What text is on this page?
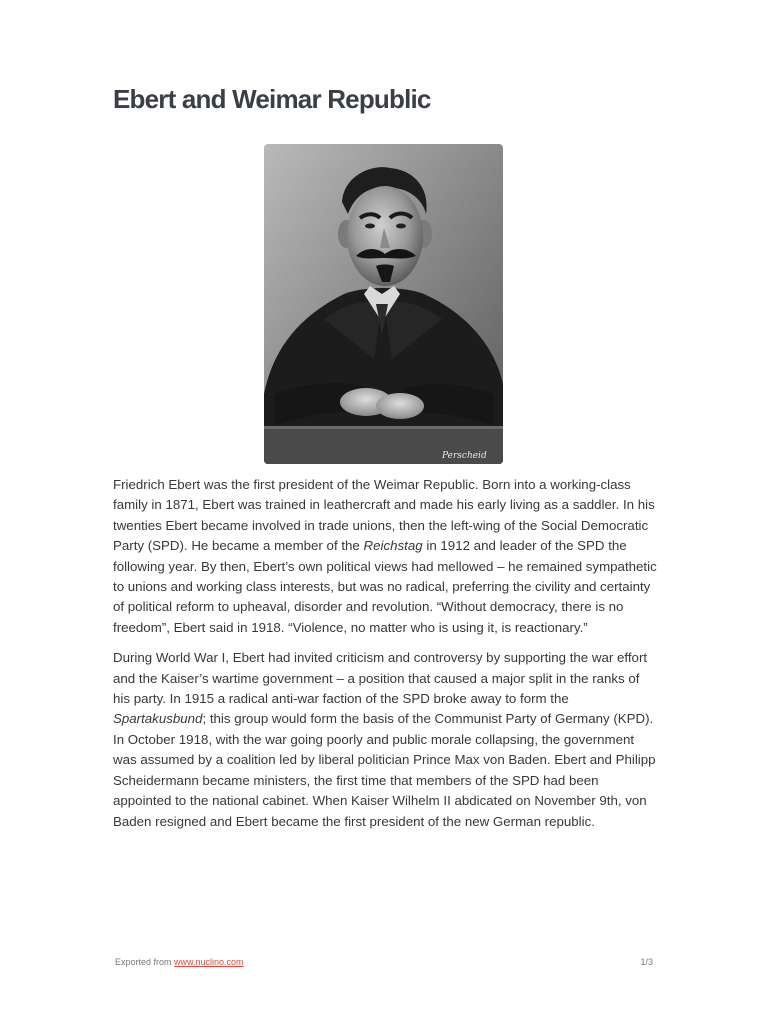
Ebert and Weimar Republic
Perscheid

Friedrich Ebert was the first president of the Weimar Republic. Born into a working-class family in 1871, Ebert was trained in leathercraft and made his early living as a saddler. In his twenties Ebert became involved in trade unions, then the left-wing of the Social Democratic Party (SPD). He became a member of the Reichstag in 1912 and leader of the SPD the following year. By then, Ebert’s own political views had mellowed – he remained sympathetic to unions and working class interests, but was no radical, preferring the civility and certainty of political reform to upheaval, disorder and revolution. “Without democracy, there is no freedom”, Ebert said in 1918. “Violence, no matter who is using it, is reactionary.”

During World War I, Ebert had invited criticism and controversy by supporting the war effort and the Kaiser’s wartime government – a position that caused a major split in the ranks of his party. In 1915 a radical anti-war faction of the SPD broke away to form the Spartakusbund; this group would form the basis of the Communist Party of Germany (KPD). In October 1918, with the war going poorly and public morale collapsing, the government was assumed by a coalition led by liberal politician Prince Max von Baden. Ebert and Philipp Scheidermann became ministers, the first time that members of the SPD had been appointed to the national cabinet. When Kaiser Wilhelm II abdicated on November 9th, von Baden resigned and Ebert became the first president of the new German republic.

Exported from www.nuclino.com	1/3
